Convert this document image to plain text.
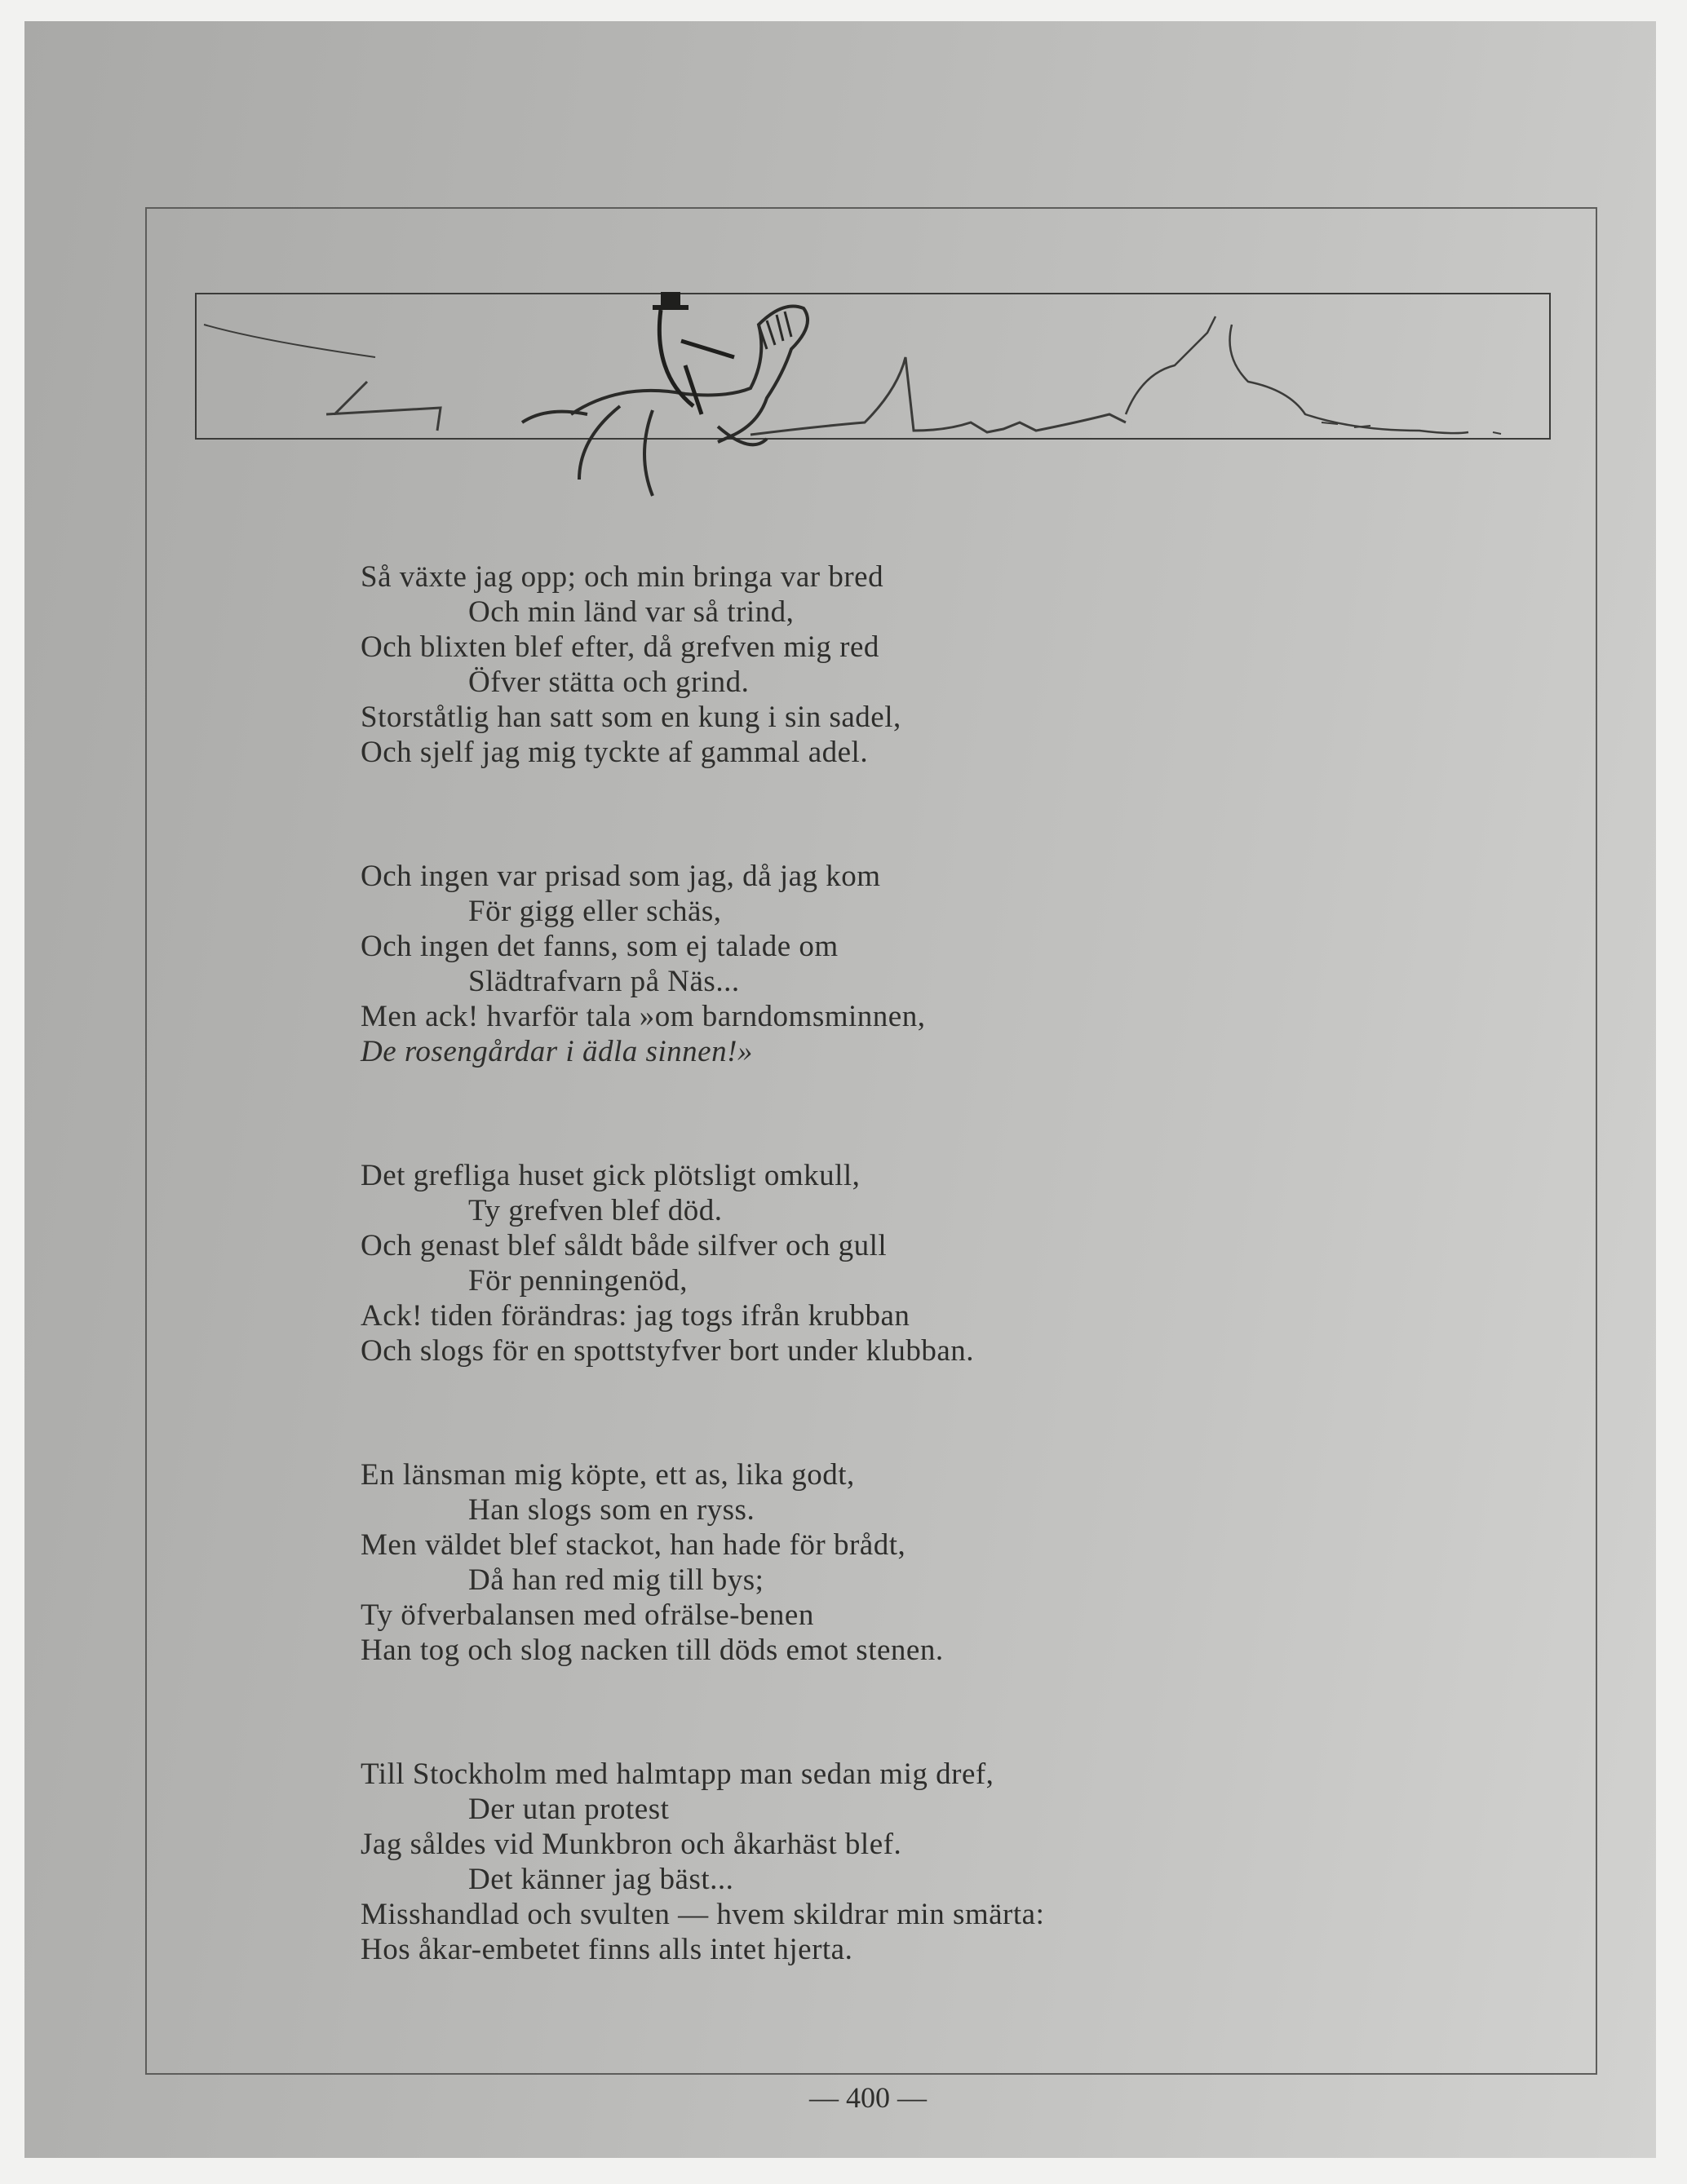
Så växte jag opp; och min bringa var bred
Och min länd var så trind,
Och blixten blef efter, då grefven mig red
Öfver stätta och grind.
Storståtlig han satt som en kung i sin sadel,
Och sjelf jag mig tyckte af gammal adel.
Och ingen var prisad som jag, då jag kom
För gigg eller schäs,
Och ingen det fanns, som ej talade om
Slädtrafvarn på Näs...
Men ack! hvarför tala »om barndomsminnen,
De rosengårdar i ädla sinnen!»
Det grefliga huset gick plötsligt omkull,
Ty grefven blef död.
Och genast blef såldt både silfver och gull
För penningenöd,
Ack! tiden förändras: jag togs ifrån krubban
Och slogs för en spottstyfver bort under klubban.
En länsman mig köpte, ett as, lika godt,
Han slogs som en ryss.
Men väldet blef stackot, han hade för brådt,
Då han red mig till bys;
Ty öfverbalansen med ofrälse-benen
Han tog och slog nacken till döds emot stenen.
Till Stockholm med halmtapp man sedan mig dref,
Der utan protest
Jag såldes vid Munkbron och åkarhäst blef.
Det känner jag bäst...
Misshandlad och svulten — hvem skildrar min smärta:
Hos åkar-embetet finns alls intet hjerta.
— 400 —
